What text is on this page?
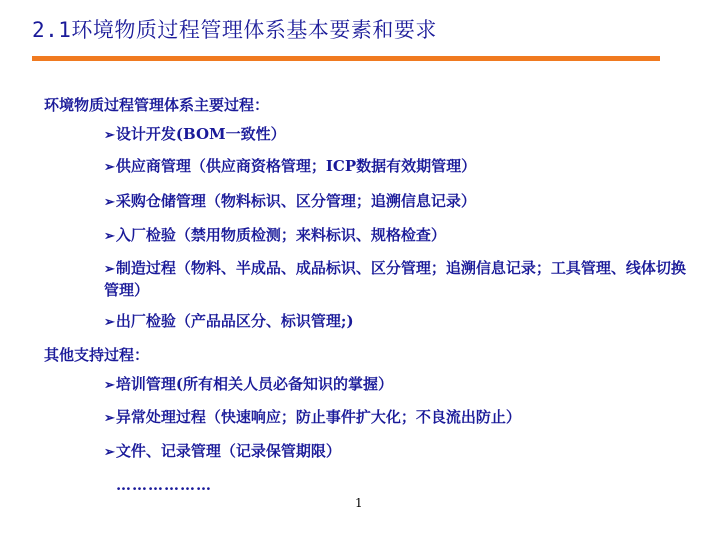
2.1环境物质过程管理体系基本要素和要求
环境物质过程管理体系主要过程：
➢设计开发(BOM一致性）
➢供应商管理（供应商资格管理；ICP数据有效期管理）
➢采购仓储管理（物料标识、区分管理；追溯信息记录）
➢入厂检验（禁用物质检测；来料标识、规格检查）
➢制造过程（物料、半成品、成品标识、区分管理；追溯信息记录；工具管理、线体切换管理）
➢出厂检验（产品品区分、标识管理;)
其他支持过程：
➢培训管理(所有相关人员必备知识的掌握）
➢异常处理过程（快速响应；防止事件扩大化；不良流出防止）
➢文件、记录管理（记录保管期限）
………………
1
